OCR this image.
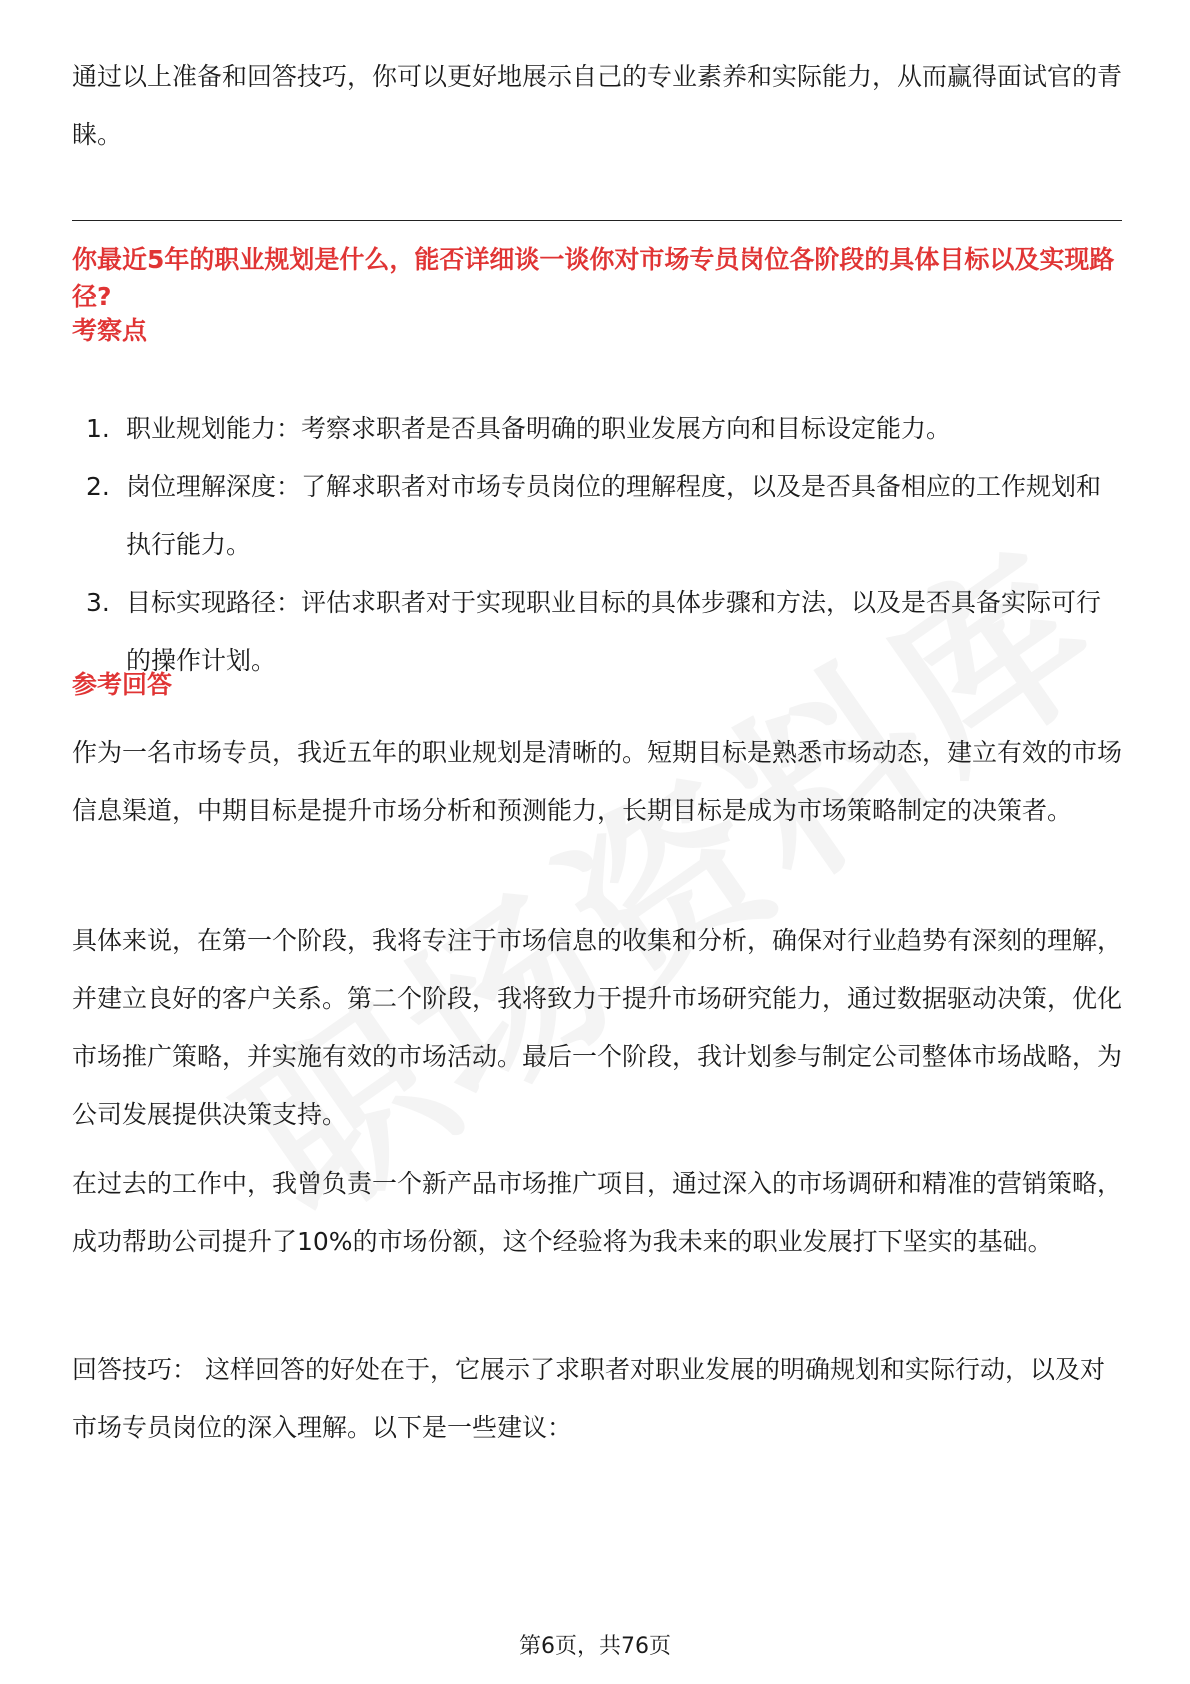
通过以上准备和回答技巧，你可以更好地展示自己的专业素养和实际能力，从而赢得面试官的青睐。

你最近5年的职业规划是什么，能否详细谈一谈你对市场专员岗位各阶段的具体目标以及实现路径?

考察点

1. 职业规划能力：考察求职者是否具备明确的职业发展方向和目标设定能力。
2. 岗位理解深度：了解求职者对市场专员岗位的理解程度，以及是否具备相应的工作规划和执行能力。
3. 目标实现路径：评估求职者对于实现职业目标的具体步骤和方法，以及是否具备实际可行的操作计划。

参考回答

作为一名市场专员，我近五年的职业规划是清晰的。短期目标是熟悉市场动态，建立有效的市场信息渠道，中期目标是提升市场分析和预测能力，长期目标是成为市场策略制定的决策者。

具体来说，在第一个阶段，我将专注于市场信息的收集和分析，确保对行业趋势有深刻的理解，并建立良好的客户关系。第二个阶段，我将致力于提升市场研究能力，通过数据驱动决策，优化市场推广策略，并实施有效的市场活动。最后一个阶段，我计划参与制定公司整体市场战略，为公司发展提供决策支持。

在过去的工作中，我曾负责一个新产品市场推广项目，通过深入的市场调研和精准的营销策略，成功帮助公司提升了10%的市场份额，这个经验将为我未来的职业发展打下坚实的基础。

回答技巧： 这样回答的好处在于，它展示了求职者对职业发展的明确规划和实际行动，以及对市场专员岗位的深入理解。以下是一些建议：

第6页，共76页
